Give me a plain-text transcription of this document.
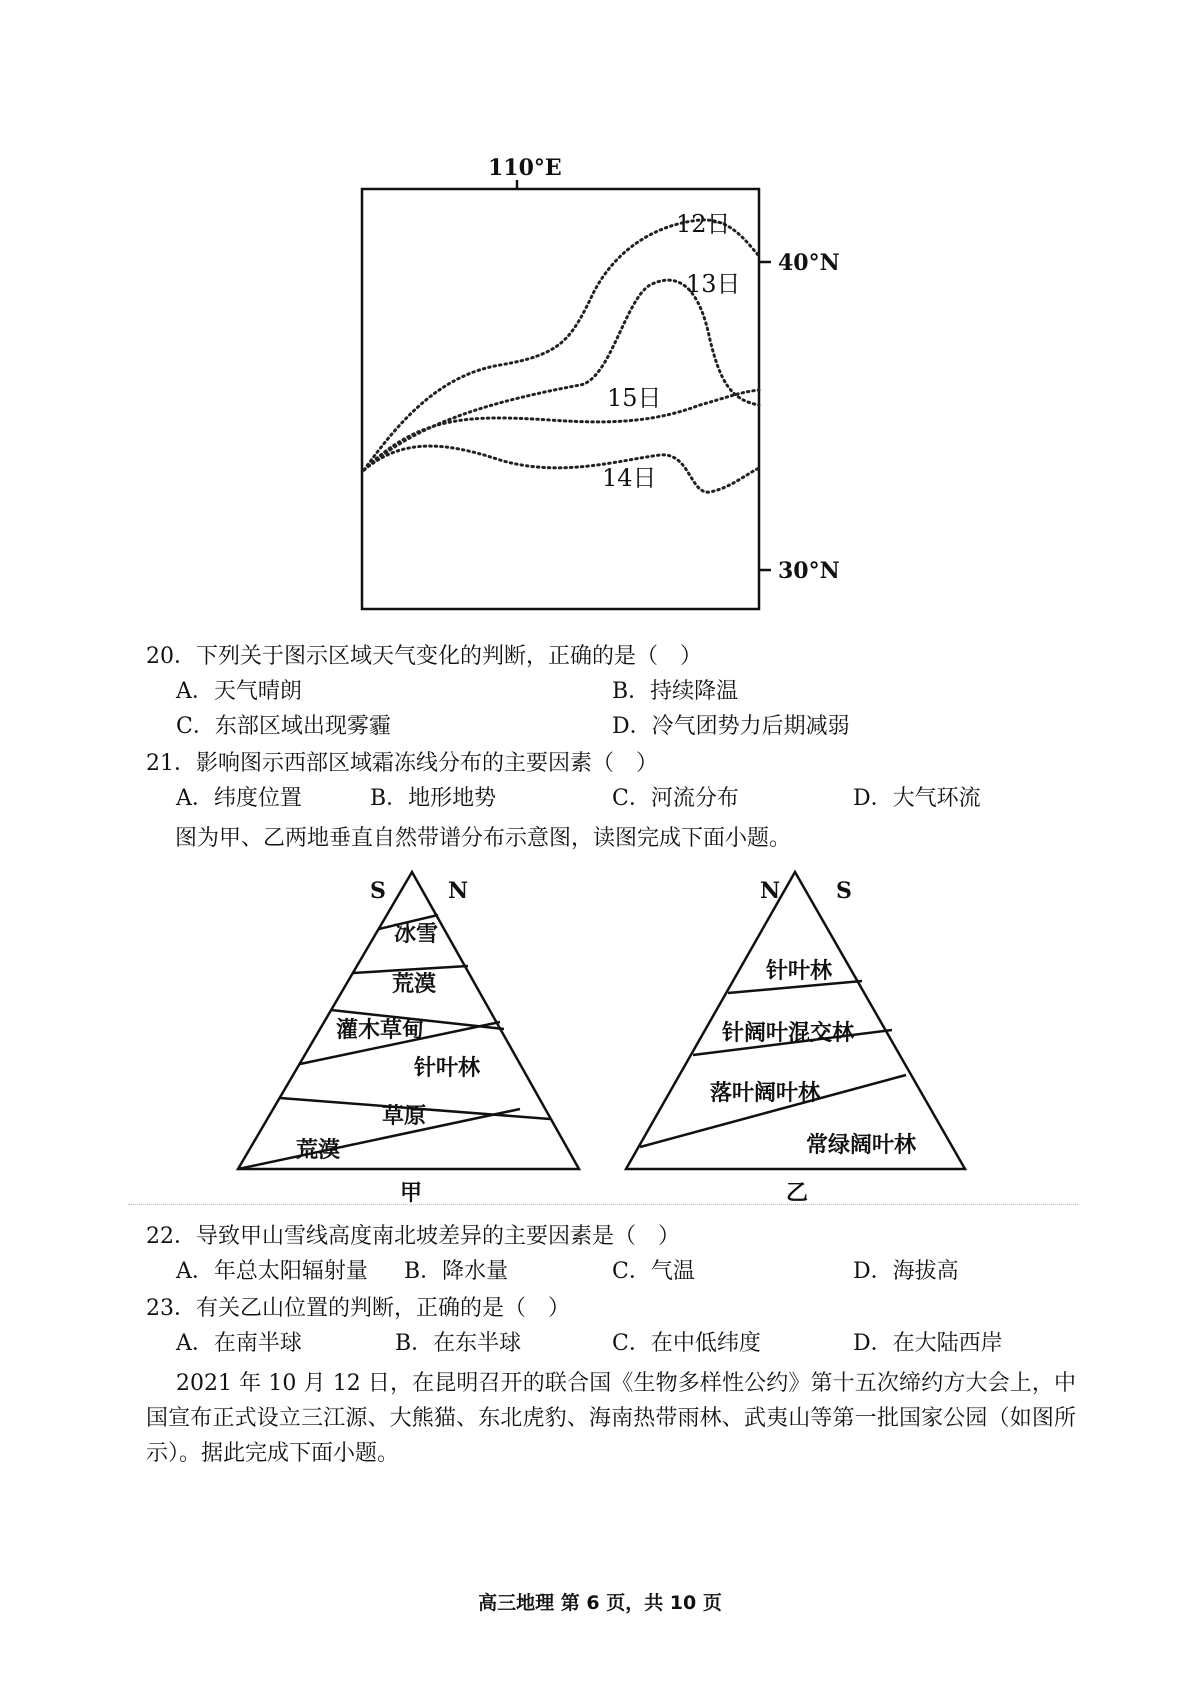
110°E
40°N
30°N
12日
13日
15日
14日
20．下列关于图示区域天气变化的判断，正确的是（　）
A．天气晴朗	B．持续降温
C．东部区域出现雾霾	D．冷气团势力后期减弱
21．影响图示西部区域霜冻线分布的主要因素（　）
A．纬度位置	B．地形地势	C．河流分布	D．大气环流
图为甲、乙两地垂直自然带谱分布示意图，读图完成下面小题。
S	N
冰雪
荒漠
灌木草甸
针叶林
草原
荒漠
甲
N	S
针叶林
针阔叶混交林
落叶阔叶林
常绿阔叶林
乙
22．导致甲山雪线高度南北坡差异的主要因素是（　）
A．年总太阳辐射量 B．降水量	C．气温	D．海拔高
23．有关乙山位置的判断，正确的是（　）
A．在南半球	B．在东半球	C．在中低纬度	D．在大陆西岸
2021 年 10 月 12 日，在昆明召开的联合国《生物多样性公约》第十五次缔约方大会上，中国宣布正式设立三江源、大熊猫、东北虎豹、海南热带雨林、武夷山等第一批国家公园（如图所示）。据此完成下面小题。
高三地理 第 6 页，共 10 页
